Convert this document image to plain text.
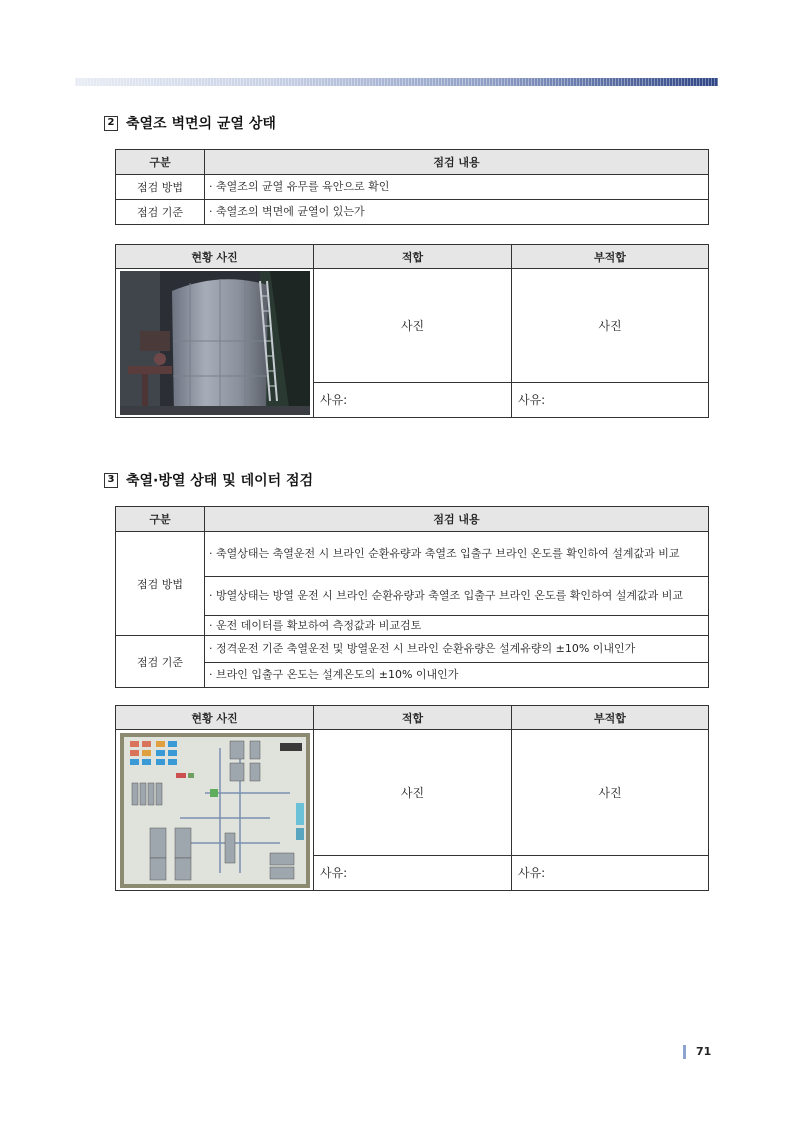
2 축열조 벽면의 균열 상태
구분	점검 내용
점검 방법	· 축열조의 균열 유무를 육안으로 확인
점검 기준	· 축열조의 벽면에 균열이 있는가
현황 사진	적합	부적합

	사진	사진
	사유:	사유:
3 축열·방열 상태 및 데이터 점검
구분	점검 내용
점검 방법	· 축열상태는 축열운전 시 브라인 순환유량과 축열조 입출구 브라인 온도를 확인하여 설계값과 비교
	· 방열상태는 방열 운전 시 브라인 순환유량과 축열조 입출구 브라인 온도를 확인하여 설계값과 비교
	· 운전 데이터를 확보하여 측정값과 비교검토
점검 기준	· 정격운전 기준 축열운전 및 방열운전 시 브라인 순환유량은 설계유량의 ±10% 이내인가
	· 브라인 입출구 온도는 설계온도의 ±10% 이내인가
현황 사진	적합	부적합

	사진	사진
	사유:	사유:
71
